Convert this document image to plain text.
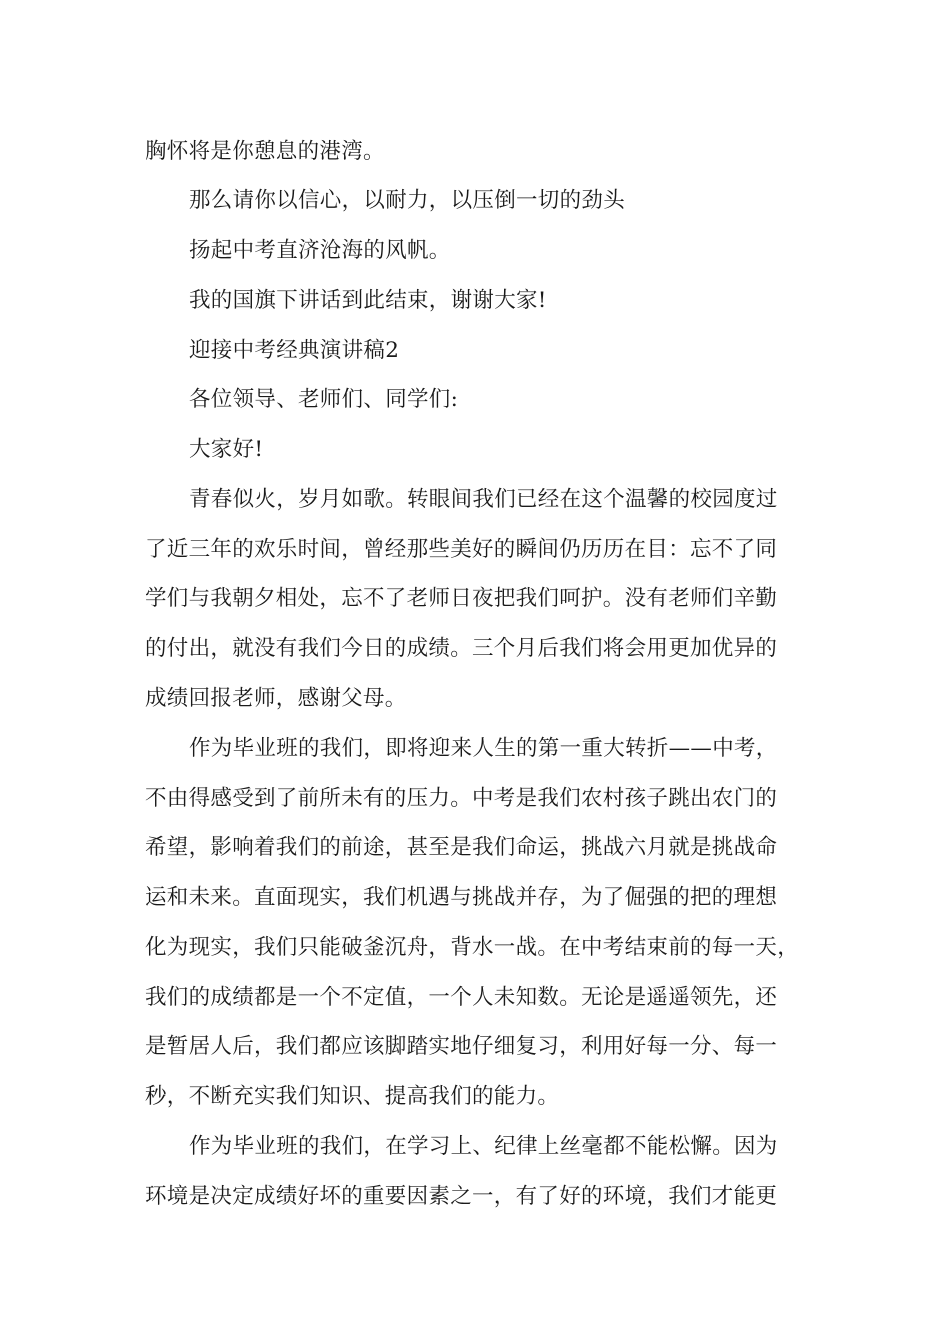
胸怀将是你憩息的港湾。
那么请你以信心，以耐力，以压倒一切的劲头
扬起中考直济沧海的风帆。
我的国旗下讲话到此结束，谢谢大家!
迎接中考经典演讲稿2
各位领导、老师们、同学们:
大家好!
青春似火，岁月如歌。转眼间我们已经在这个温馨的校园度过
了近三年的欢乐时间，曾经那些美好的瞬间仍历历在目：忘不了同
学们与我朝夕相处，忘不了老师日夜把我们呵护。没有老师们辛勤
的付出，就没有我们今日的成绩。三个月后我们将会用更加优异的
成绩回报老师，感谢父母。
作为毕业班的我们，即将迎来人生的第一重大转折——中考，
不由得感受到了前所未有的压力。中考是我们农村孩子跳出农门的
希望，影响着我们的前途，甚至是我们命运，挑战六月就是挑战命
运和未来。直面现实，我们机遇与挑战并存，为了倔强的把的理想
化为现实，我们只能破釜沉舟，背水一战。在中考结束前的每一天，
我们的成绩都是一个不定值，一个人未知数。无论是遥遥领先，还
是暂居人后，我们都应该脚踏实地仔细复习，利用好每一分、每一
秒，不断充实我们知识、提高我们的能力。
作为毕业班的我们，在学习上、纪律上丝毫都不能松懈。因为
环境是决定成绩好坏的重要因素之一，有了好的环境，我们才能更
